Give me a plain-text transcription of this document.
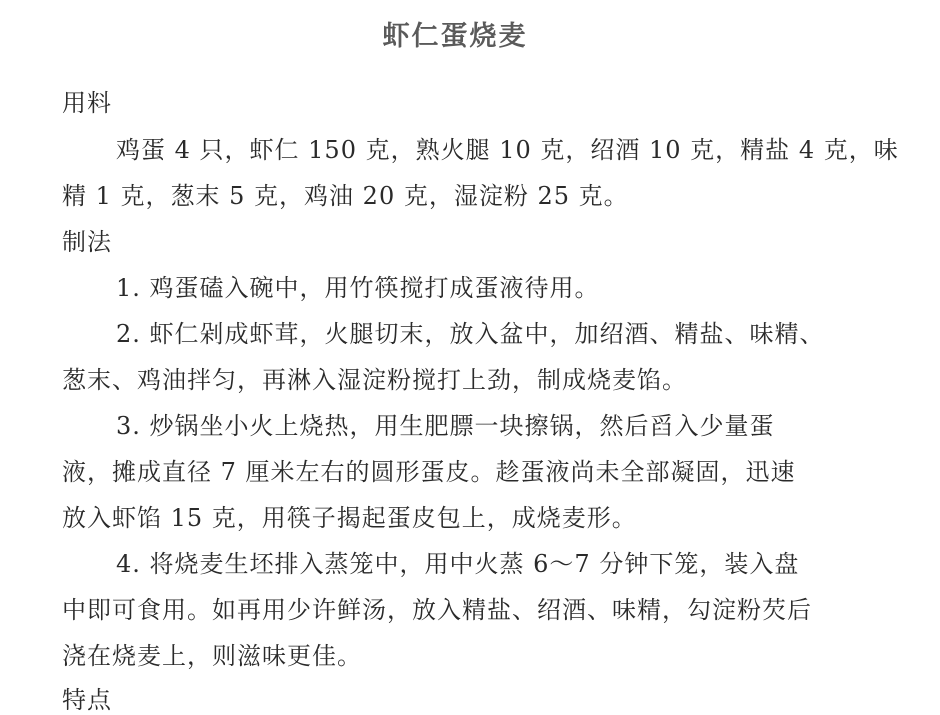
虾仁蛋烧麦
用料
鸡蛋 4 只，虾仁 150 克，熟火腿 10 克，绍酒 10 克，精盐 4 克，味
精 1 克，葱末 5 克，鸡油 20 克，湿淀粉 25 克。
制法
1. 鸡蛋磕入碗中，用竹筷搅打成蛋液待用。
2. 虾仁剁成虾茸，火腿切末，放入盆中，加绍酒、精盐、味精、
葱末、鸡油拌匀，再淋入湿淀粉搅打上劲，制成烧麦馅。
3. 炒锅坐小火上烧热，用生肥膘一块擦锅，然后舀入少量蛋
液，摊成直径 7 厘米左右的圆形蛋皮。趁蛋液尚未全部凝固，迅速
放入虾馅 15 克，用筷子揭起蛋皮包上，成烧麦形。
4. 将烧麦生坯排入蒸笼中，用中火蒸 6～7 分钟下笼，装入盘
中即可食用。如再用少许鲜汤，放入精盐、绍酒、味精，勾淀粉芡后
浇在烧麦上，则滋味更佳。
特点
